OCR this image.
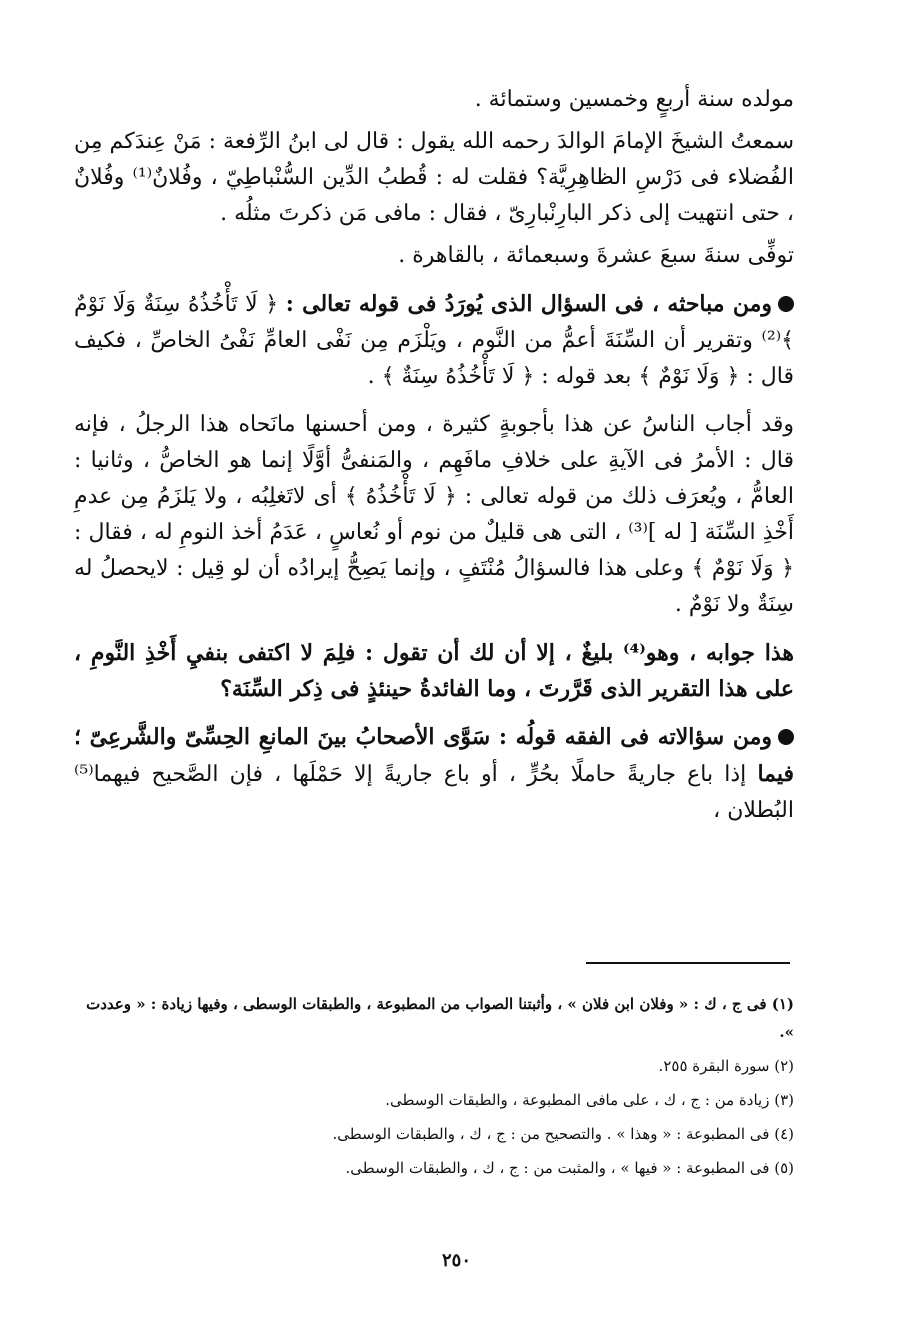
مولده سنة أربعٍ وخمسين وستمائة .

سمعتُ الشيخَ الإمامَ الوالدَ رحمه الله يقول : قال لى ابنُ الرِّفعة : مَنْ عِندَكم مِن الفُضلاء فى دَرْسِ الظاهِرِيَّة؟ فقلت له : قُطبُ الدِّين السُّنْباطِيّ ، وفُلانٌ⁽¹⁾ وفُلانٌ ، حتى انتهيت إلى ذكر البارِنْبارِىّ ، فقال : مافى مَن ذكرتَ مثلُه .

توفِّى سنةَ سبعَ عشرةَ وسبعمائة ، بالقاهرة .

ومن مباحثه ، فى السؤال الذى يُورَدُ فى قوله تعالى : ﴿ لَا تَأْخُذُهُ سِنَةٌ وَلَا نَوْمٌ ﴾⁽²⁾ وتقرير أن السِّنَةَ أعمُّ من النَّوم ، ويَلْزَم مِن نَفْى العامِّ نَفْىُ الخاصِّ ، فكيف قال : ﴿ وَلَا نَوْمٌ ﴾ بعد قوله : ﴿ لَا تَأْخُذُهُ سِنَةٌ ﴾ .

وقد أجاب الناسُ عن هذا بأجوبةٍ كثيرة ، ومن أحسنها مانَحاه هذا الرجلُ ، فإنه قال : الأمرُ فى الآيةِ على خلافِ مافَهِم ، والمَنفىُّ أوَّلًا إنما هو الخاصُّ ، وثانيا : العامُّ ، ويُعرَف ذلك من قوله تعالى : ﴿ لَا تَأْخُذُهُ ﴾ أى لاتَغلِبُه ، ولا يَلزَمُ مِن عدمِ أَخْذِ السِّنَة [ له ]⁽³⁾ ، التى هى قليلٌ من نوم أو نُعاسٍ ، عَدَمُ أخذ النومِ له ، فقال : ﴿ وَلَا نَوْمٌ ﴾ وعلى هذا فالسؤالُ مُنْتَفٍ ، وإنما يَصِحُّ إيرادُه أن لو قِيل : لايحصلُ له سِنَةٌ ولا نَوْمٌ .

هذا جوابه ، وهو⁽⁴⁾ بليغٌ ، إلا أن لك أن تقول : فلِمَ لا اكتفى بنفيِ أَخْذِ النَّومِ ، على هذا التقرير الذى قَرَّرتَ ، وما الفائدةُ حينئذٍ فى ذِكر السِّنَة؟

ومن سؤالاته فى الفقه قولُه : سَوَّى الأصحابُ بينَ المانعِ الحِسِّىّ والشَّرعِىّ ؛ فيما إذا باع جاريةً حاملًا بحُرٍّ ، أو باع جاريةً إلا حَمْلَها ، فإن الصَّحيح فيهما⁽⁵⁾ البُطلان ،

(١) فى ج ، ك : « وفلان ابن فلان » ، وأثبتنا الصواب من المطبوعة ، والطبقات الوسطى ، وفيها زيادة : « وعددت ».

(٢) سورة البقرة ٢٥٥.

(٣) زيادة من : ج ، ك ، على مافى المطبوعة ، والطبقات الوسطى.

(٤) فى المطبوعة : « وهذا » . والتصحيح من : ج ، ك ، والطبقات الوسطى.

(٥) فى المطبوعة : « فيها » ، والمثبت من : ج ، ك ، والطبقات الوسطى.

٢٥٠
